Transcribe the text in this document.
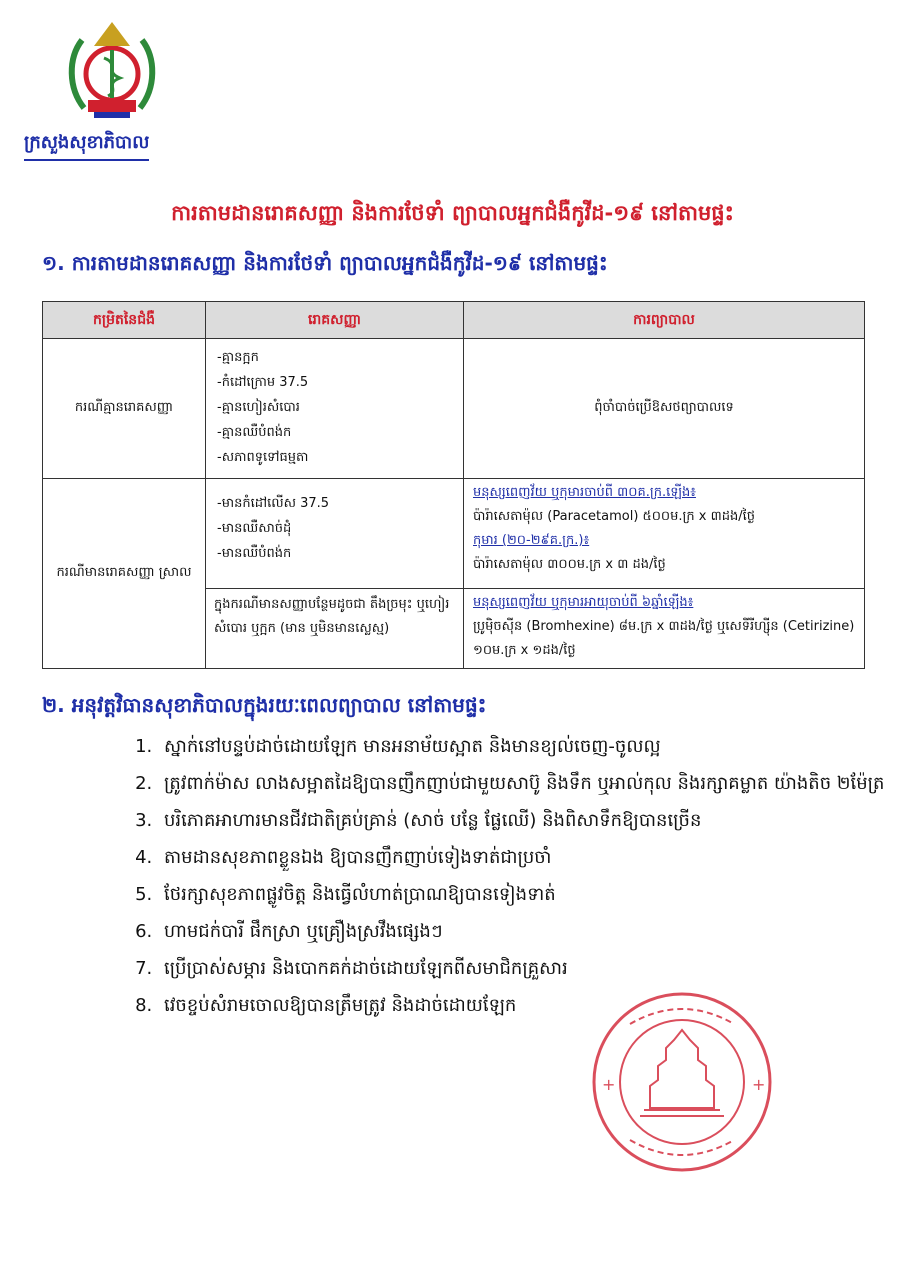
ក្រសួងសុខាភិបាល
ការតាមដានរោគសញ្ញា និងការថែទាំ ព្យាបាលអ្នកជំងឺកូវីដ-១៩ នៅតាមផ្ទះ
១. ការតាមដានរោគសញ្ញា និងការថែទាំ ព្យាបាលអ្នកជំងឺកូវីដ-១៩ នៅតាមផ្ទះ
កម្រិតនៃជំងឺ	រោគសញ្ញា	ការព្យាបាល
ករណីគ្មានរោគសញ្ញា	-គ្មានក្អក
-កំដៅក្រោម 37.5
-គ្មានហៀរសំបោរ
-គ្មានឈឺបំពង់ក
-សភាពទូទៅធម្មតា	ពុំចាំបាច់ប្រើឱសថព្យាបាលទេ
ករណីមានរោគសញ្ញា ស្រាល	-មានកំដៅលើស 37.5
-មានឈឺសាច់ដុំ
-មានឈឺបំពង់ក	មនុស្សពេញវ័យ ឬកុមារចាប់ពី ៣០គ.ក្រ.ឡើង៖
ប៉ារ៉ាសេតាម៉ុល (Paracetamol) ៥០០ម.ក្រ x ៣ដង/ថ្ងៃ
កុមារ (២០-២៩គ.ក្រ.)៖
ប៉ារ៉ាសេតាម៉ុល ៣០០ម.ក្រ x ៣ ដង/ថ្ងៃ

	ក្នុងករណីមានសញ្ញាបន្ថែមដូចជា តឹងច្រមុះ ឬហៀរសំបោរ ឬក្អក (មាន ឬមិនមានស្លេស្ម)	មនុស្សពេញវ័យ ឬកុមារអាយុចាប់ពី ៦ឆ្នាំឡើង៖
ប្រូមុិចស៊ីន (Bromhexine) ៨ម.ក្រ x ៣ដង/ថ្ងៃ ឬសេទីរីហ្ស៊ីន (Cetirizine) ១០ម.ក្រ x ១ដង/ថ្ងៃ
២. អនុវត្តវិធានសុខាភិបាលក្នុងរយៈពេលព្យាបាល នៅតាមផ្ទះ
1. ស្នាក់នៅបន្ទប់ដាច់ដោយឡែក មានអនាម័យស្អាត និងមានខ្យល់ចេញ-ចូលល្អ
2. ត្រូវពាក់ម៉ាស លាងសម្អាតដៃឱ្យបានញឹកញាប់ជាមួយសាប៊ូ និងទឹក ឬអាល់កុល និងរក្សាគម្លាត យ៉ាងតិច ២ម៉ែត្រ
3. បរិភោគអាហារមានជីវជាតិគ្រប់គ្រាន់ (សាច់ បន្លែ ផ្លែឈើ) និងពិសាទឹកឱ្យបានច្រើន
4. តាមដានសុខភាពខ្លួនឯង ឱ្យបានញឹកញាប់ទៀងទាត់ជាប្រចាំ
5. ថែរក្សាសុខភាពផ្លូវចិត្ត និងធ្វើលំហាត់ប្រាណឱ្យបានទៀងទាត់
6. ហាមជក់បារី ផឹកស្រា ឬគ្រឿងស្រវឹងផ្សេងៗ
7. ប្រើប្រាស់សម្ភារ និងបោកគក់ដាច់ដោយឡែកពីសមាជិកគ្រួសារ
8. វេចខ្ចប់សំរាមចោលឱ្យបានត្រឹមត្រូវ និងដាច់ដោយឡែក
+	+
